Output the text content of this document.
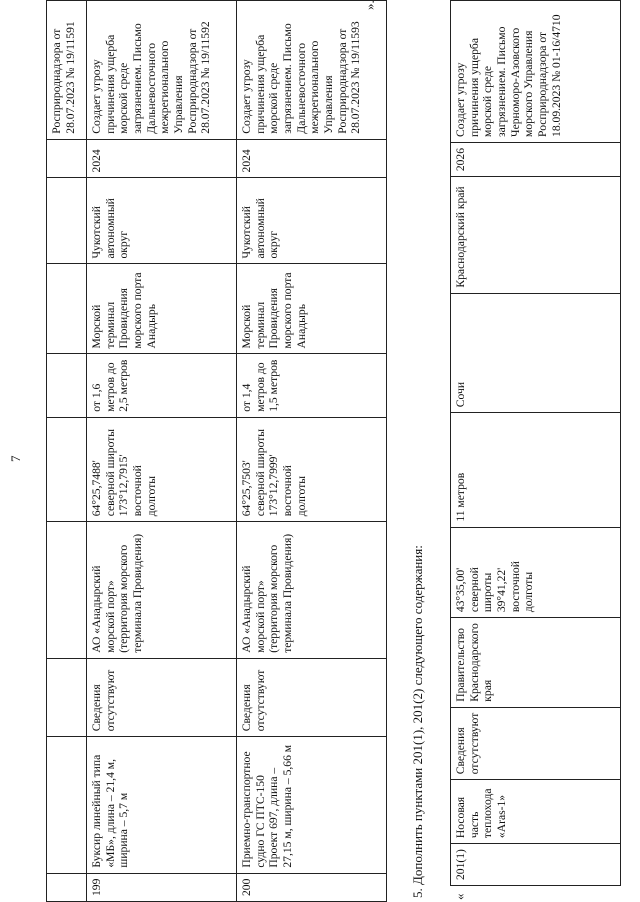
7
									Росприроднадзора от 28.07.2023 № 19/11591
199	Буксир линейный типа «МБ», длина – 21,4 м, ширина – 5,7 м	Сведения отсутствуют	АО «Анадырский морской порт» (территория морского терминала Провидения)	64°25,7488' северной широты 173°12,7915' восточной долготы	от 1,6 метров до 2,5 метров	Морской терминал Провидения морского порта Анадырь	Чукотский автономный округ	2024	Создает угрозу причинения ущерба морской среде загрязнением. Письмо Дальневосточного межрегионального Управления Росприроднадзора от 28.07.2023 № 19/11592
200	Приемно-транспортное судно ГС ПТС-150 Проект 697, длина – 27,15 м, ширина – 5,66 м	Сведения отсутствуют	АО «Анадырский морской порт» (территория морского терминала Провидения)	64°25,7503' северной широты 173°12,7999' восточной долготы	от 1,4 метров до 1,5 метров	Морской терминал Провидения морского порта Анадырь	Чукотский автономный округ	2024	Создает угрозу причинения ущерба морской среде загрязнением. Письмо Дальневосточного межрегионального Управления Росприроднадзора от 28.07.2023 № 19/11593
».
5. Дополнить пунктами 201(1), 201(2) следующего содержания: «
201(1)	Носовая часть теплохода «Aras-1»	Сведения отсутствуют	Правительство Краснодарского края	43°35,00' северной широты 39°41,22' восточной долготы	11 метров	Сочи	Краснодарский край	2026	Создает угрозу причинения ущерба морской среде загрязнением. Письмо Черноморо-Азовского морского Управления Росприроднадзора от 18.09.2023 № 01-16/4710
